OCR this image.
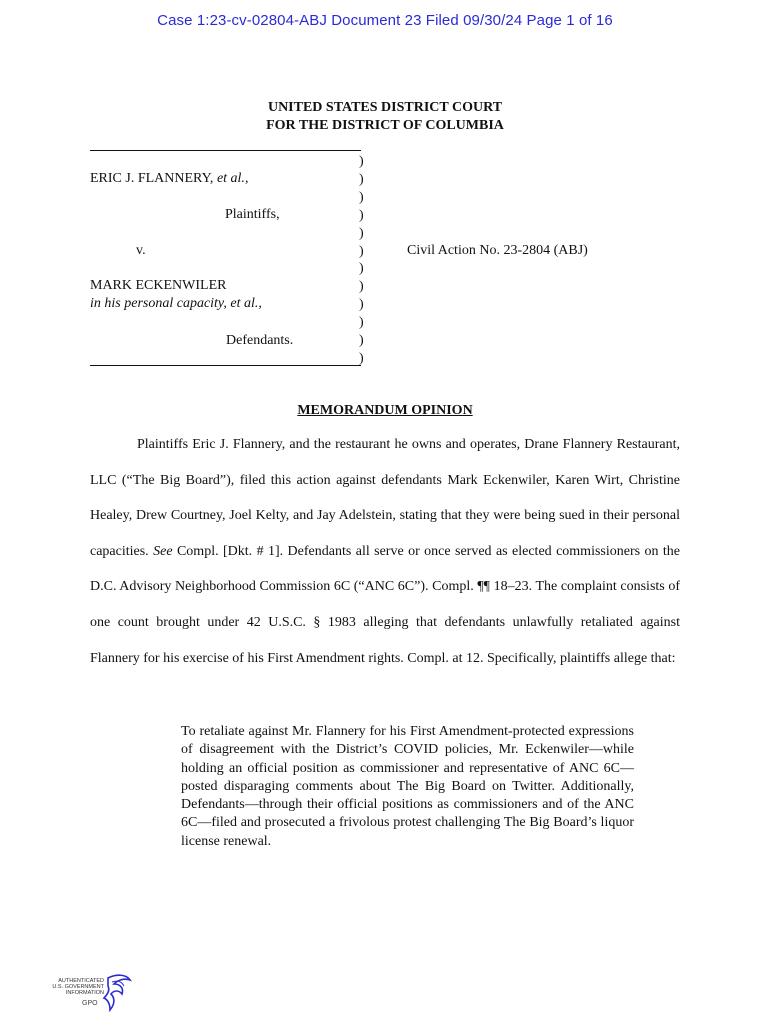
Case 1:23-cv-02804-ABJ Document 23 Filed 09/30/24 Page 1 of 16
UNITED STATES DISTRICT COURT
FOR THE DISTRICT OF COLUMBIA
ERIC J. FLANNERY, et al.,
Plaintiffs,
v.
MARK ECKENWILER
in his personal capacity, et al.,
Defendants.
)
)
)
)
)
)
)
)
)
)
)
)
Civil Action No. 23-2804 (ABJ)
MEMORANDUM OPINION

Plaintiffs Eric J. Flannery, and the restaurant he owns and operates, Drane Flannery Restaurant, LLC (“The Big Board”), filed this action against defendants Mark Eckenwiler, Karen Wirt, Christine Healey, Drew Courtney, Joel Kelty, and Jay Adelstein, stating that they were being sued in their personal capacities. See Compl. [Dkt. # 1]. Defendants all serve or once served as elected commissioners on the D.C. Advisory Neighborhood Commission 6C (“ANC 6C”). Compl. ¶¶ 18–23. The complaint consists of one count brought under 42 U.S.C. § 1983 alleging that defendants unlawfully retaliated against Flannery for his exercise of his First Amendment rights. Compl. at 12. Specifically, plaintiffs allege that:

To retaliate against Mr. Flannery for his First Amendment-protected expressions of disagreement with the District’s COVID policies, Mr. Eckenwiler—while holding an official position as commissioner and representative of ANC 6C—posted disparaging comments about The Big Board on Twitter. Additionally, Defendants—through their official positions as commissioners and of the ANC 6C—filed and prosecuted a frivolous protest challenging The Big Board’s liquor license renewal.
AUTHENTICATED
U.S. GOVERNMENT
INFORMATION
GPO
